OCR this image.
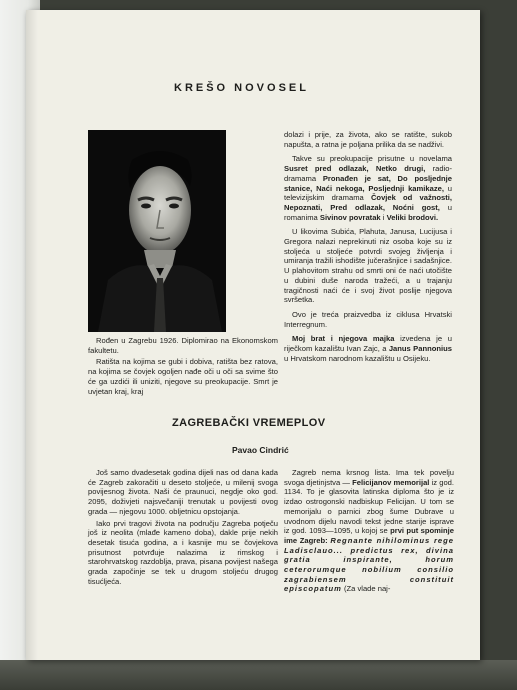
KREŠO NOVOSEL

Rođen u Zagrebu 1926. Diplomirao na Ekonomskom fakultetu.

Ratišta na kojima se gubi i dobiva, ratišta bez ratova, na kojima se čovjek ogoljen nađe oči u oči sa svime što će ga uzdići ili uniziti, njegove su preokupacije. Smrt je uvjetan kraj, kraj

dolazi i prije, za života, ako se ratište, sukob napušta, a ratna je poljana prilika da se nadživi.

Takve su preokupacije prisutne u novelama Susret pred odlazak, Netko drugi, radio-dramama Pronađen je sat, Do posljednje stanice, Naći nekoga, Posljednji kamikaze, u televizijskim dramama Čovjek od važnosti, Nepoznati, Pred odlazak, Noćni gost, u romanima Sivinov povratak i Veliki brodovi.

U likovima Subića, Plahuta, Janusa, Lucijusa i Gregora nalazi neprekinuti niz osoba koje su iz stoljeća u stoljeće potvrdi svojeg življenja i umiranja tražili ishodište jučerašnjice i sadašnjice. U plahovitom strahu od smrti oni će naći utočište u dubini duše naroda tražeći, a u trajanju tragičnosti naći će i svoj život poslije njegova svršetka.

Ovo je treća praizvedba iz ciklusa Hrvatski Interregnum.

Moj brat i njegova majka izvedena je u riječkom kazalištu Ivan Zajc, a Janus Pannonius u Hrvatskom narodnom kazalištu u Osijeku.

ZAGREBAČKI VREMEPLOV
Pavao Cindrić

Još samo dvadesetak godina dijeli nas od dana kada će Zagreb zakoračiti u deseto stoljeće, u milenij svoga povijesnog života. Naši će praunuci, negdje oko god. 2095, doživjeti najsvečaniji trenutak u povijesti ovog grada — njegovu 1000. obljetnicu opstojanja.

Iako prvi tragovi života na području Zagreba potječu još iz neolita (mlađe kameno doba), dakle prije nekih desetak tisuća godina, a i kasnije mu se čovjekova prisutnost potvrđuje nalazima iz rimskog i starohrvatskog razdoblja, prava, pisana povijest našega grada započinje se tek u drugom stoljeću drugog tisućljeća.

Zagreb nema krsnog lista. Ima tek povelju svoga djetinjstva — Felicijanov memorijal iz god. 1134. To je glasovita latinska diploma što je iz izdao ostrogonski nadbiskup Felicijan. U tom se memorijalu o parnici zbog šume Dubrave u uvodnom dijelu navodi tekst jedne starije isprave iz god. 1093—1095, u kojoj se prvi put spominje ime Zagreb: Regnante nihilominus rege Ladisclauo... predictus rex, divina gratia inspirante, horum ceterorumque nobilium consilio zagrabiensem constituit episcopatum (Za vlade naj-
